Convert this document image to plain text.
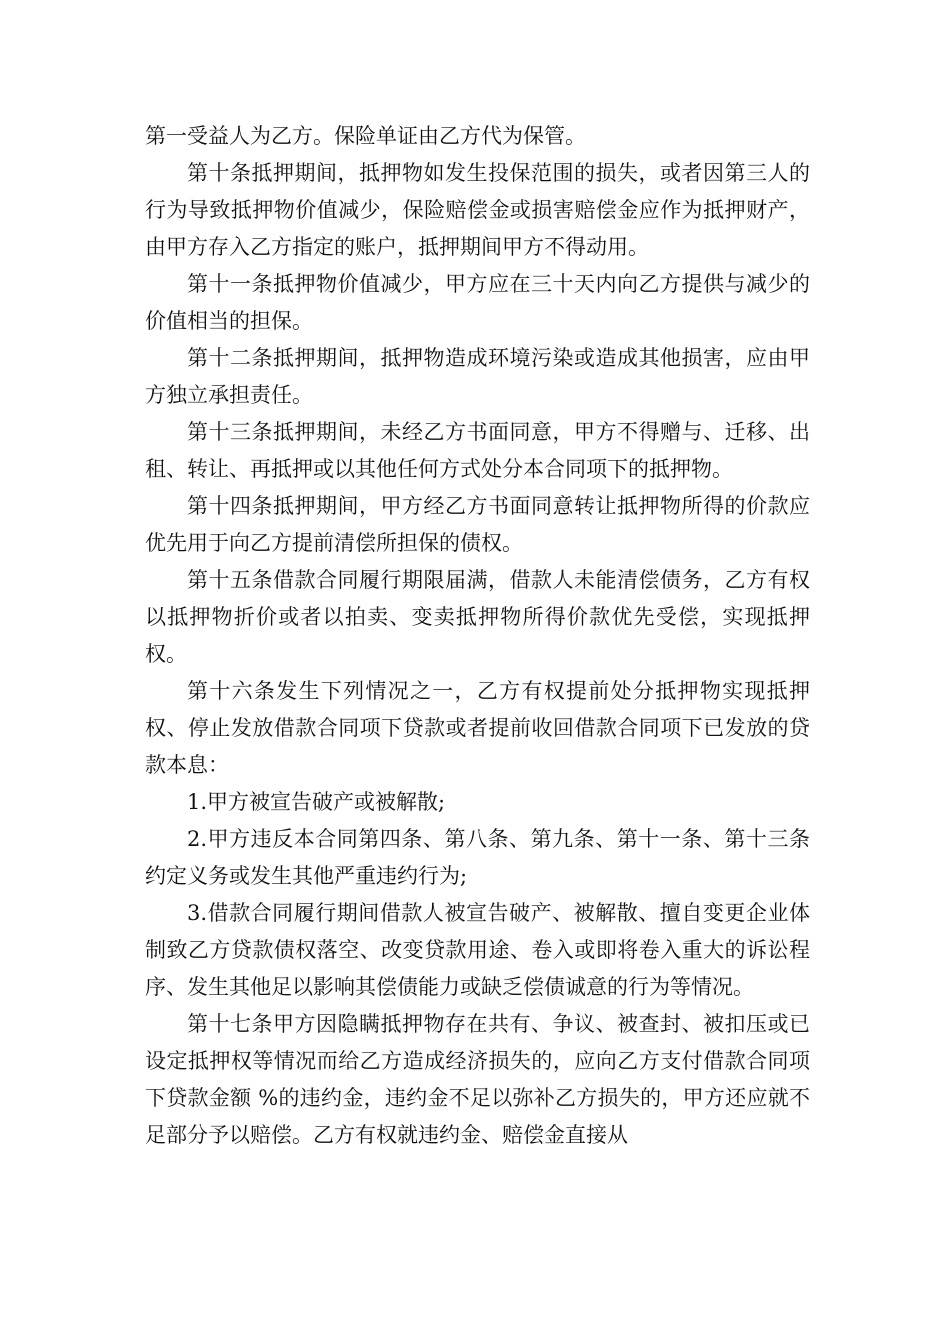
第一受益人为乙方。保险单证由乙方代为保管。

第十条抵押期间，抵押物如发生投保范围的损失，或者因第三人的行为导致抵押物价值减少，保险赔偿金或损害赔偿金应作为抵押财产，由甲方存入乙方指定的账户，抵押期间甲方不得动用。

第十一条抵押物价值减少，甲方应在三十天内向乙方提供与减少的价值相当的担保。

第十二条抵押期间，抵押物造成环境污染或造成其他损害，应由甲方独立承担责任。

第十三条抵押期间，未经乙方书面同意，甲方不得赠与、迁移、出租、转让、再抵押或以其他任何方式处分本合同项下的抵押物。

第十四条抵押期间，甲方经乙方书面同意转让抵押物所得的价款应优先用于向乙方提前清偿所担保的债权。

第十五条借款合同履行期限届满，借款人未能清偿债务，乙方有权以抵押物折价或者以拍卖、变卖抵押物所得价款优先受偿，实现抵押权。

第十六条发生下列情况之一，乙方有权提前处分抵押物实现抵押权、停止发放借款合同项下贷款或者提前收回借款合同项下已发放的贷款本息：

1.甲方被宣告破产或被解散;

2.甲方违反本合同第四条、第八条、第九条、第十一条、第十三条约定义务或发生其他严重违约行为;

3.借款合同履行期间借款人被宣告破产、被解散、擅自变更企业体制致乙方贷款债权落空、改变贷款用途、卷入或即将卷入重大的诉讼程序、发生其他足以影响其偿债能力或缺乏偿债诚意的行为等情况。

第十七条甲方因隐瞒抵押物存在共有、争议、被查封、被扣压或已设定抵押权等情况而给乙方造成经济损失的，应向乙方支付借款合同项下贷款金额 %的违约金，违约金不足以弥补乙方损失的，甲方还应就不足部分予以赔偿。乙方有权就违约金、赔偿金直接从
